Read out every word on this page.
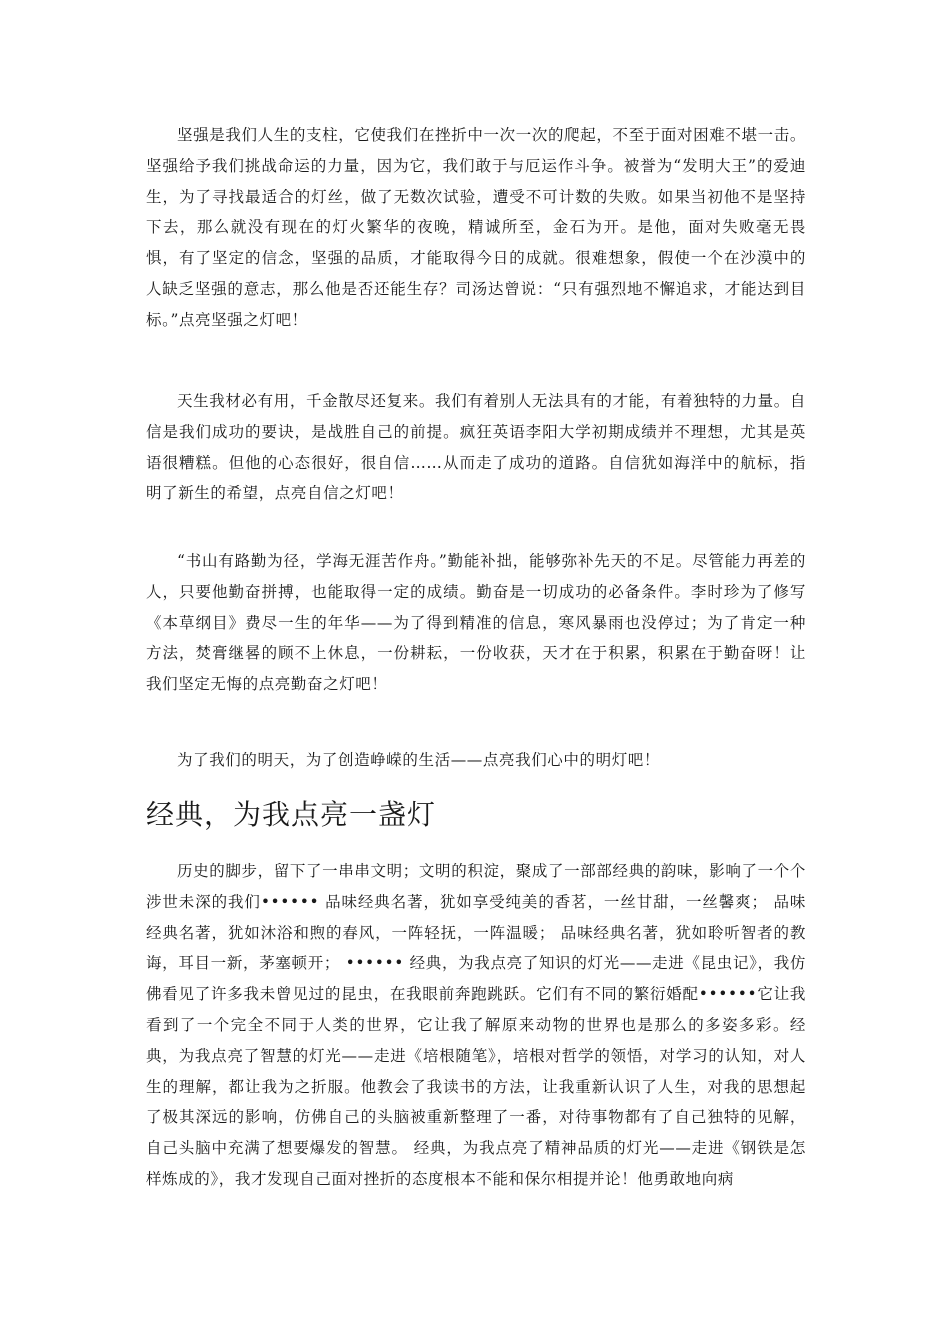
坚强是我们人生的支柱，它使我们在挫折中一次一次的爬起，不至于面对困难不堪一击。坚强给予我们挑战命运的力量，因为它，我们敢于与厄运作斗争。被誉为“发明大王”的爱迪生，为了寻找最适合的灯丝，做了无数次试验，遭受不可计数的失败。如果当初他不是坚持下去，那么就没有现在的灯火繁华的夜晚，精诚所至，金石为开。是他，面对失败毫无畏惧，有了坚定的信念，坚强的品质，才能取得今日的成就。很难想象，假使一个在沙漠中的人缺乏坚强的意志，那么他是否还能生存？司汤达曾说：“只有强烈地不懈追求，才能达到目标。”点亮坚强之灯吧！

天生我材必有用，千金散尽还复来。我们有着别人无法具有的才能，有着独特的力量。自信是我们成功的要诀，是战胜自己的前提。疯狂英语李阳大学初期成绩并不理想，尤其是英语很糟糕。但他的心态很好，很自信……从而走了成功的道路。自信犹如海洋中的航标，指明了新生的希望，点亮自信之灯吧！

“书山有路勤为径，学海无涯苦作舟。”勤能补拙，能够弥补先天的不足。尽管能力再差的人，只要他勤奋拼搏，也能取得一定的成绩。勤奋是一切成功的必备条件。李时珍为了修写《本草纲目》费尽一生的年华——为了得到精准的信息，寒风暴雨也没停过；为了肯定一种方法，焚膏继晷的顾不上休息，一份耕耘，一份收获，天才在于积累，积累在于勤奋呀！让我们坚定无悔的点亮勤奋之灯吧！

为了我们的明天，为了创造峥嵘的生活——点亮我们心中的明灯吧！

经典，为我点亮一盏灯

历史的脚步，留下了一串串文明；文明的积淀，聚成了一部部经典的韵味，影响了一个个涉世未深的我们•••••• 品味经典名著，犹如享受纯美的香茗，一丝甘甜，一丝馨爽； 品味经典名著，犹如沐浴和煦的春风，一阵轻抚，一阵温暖； 品味经典名著，犹如聆听智者的教诲，耳目一新，茅塞顿开； •••••• 经典，为我点亮了知识的灯光——走进《昆虫记》，我仿佛看见了许多我未曾见过的昆虫，在我眼前奔跑跳跃。它们有不同的繁衍婚配••••••它让我看到了一个完全不同于人类的世界，它让我了解原来动物的世界也是那么的多姿多彩。经典，为我点亮了智慧的灯光——走进《培根随笔》，培根对哲学的领悟，对学习的认知，对人生的理解，都让我为之折服。他教会了我读书的方法，让我重新认识了人生，对我的思想起了极其深远的影响，仿佛自己的头脑被重新整理了一番，对待事物都有了自己独特的见解，自己头脑中充满了想要爆发的智慧。 经典，为我点亮了精神品质的灯光——走进《钢铁是怎样炼成的》，我才发现自己面对挫折的态度根本不能和保尔相提并论！他勇敢地向病
